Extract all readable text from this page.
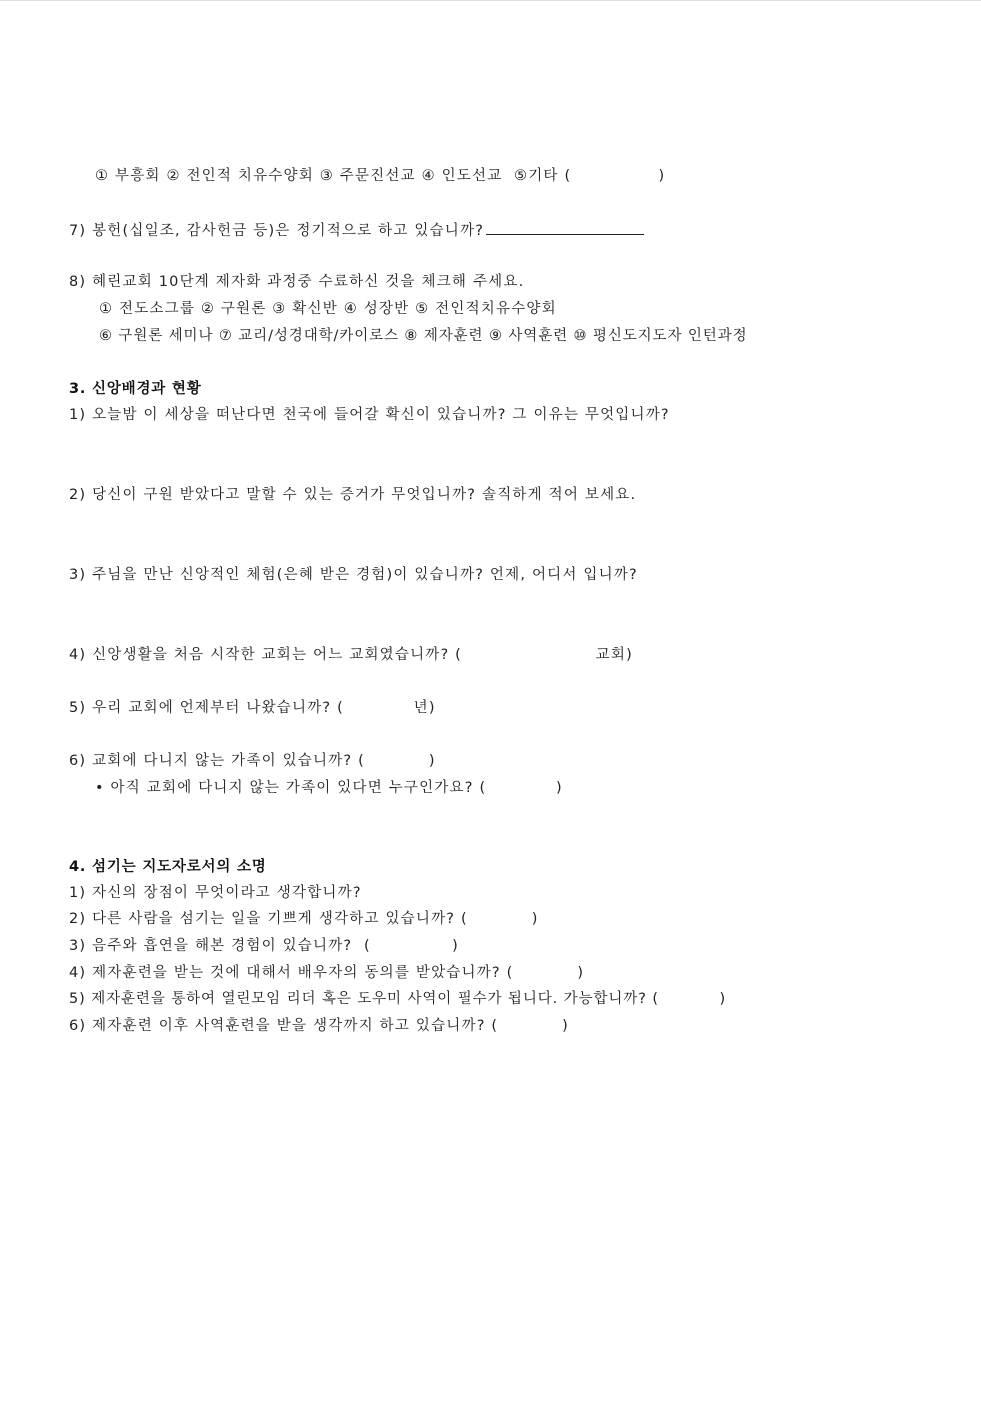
① 부흥회 ② 전인적 치유수양회 ③ 주문진선교 ④ 인도선교  ⑤기타 (               )
7) 봉헌(십일조, 감사헌금 등)은 정기적으로 하고 있습니까?
8) 혜린교회 10단계 제자화 과정중 수료하신 것을 체크해 주세요.
① 전도소그룹 ② 구원론 ③ 확신반 ④ 성장반 ⑤ 전인적치유수양회
⑥ 구원론 세미나 ⑦ 교리/성경대학/카이로스 ⑧ 제자훈련 ⑨ 사역훈련 ⑩ 평신도지도자 인턴과정
3. 신앙배경과 현황
1) 오늘밤 이 세상을 떠난다면 천국에 들어갈 확신이 있습니까? 그 이유는 무엇입니까?
2) 당신이 구원 받았다고 말할 수 있는 증거가 무엇입니까? 솔직하게 적어 보세요.
3) 주님을 만난 신앙적인 체험(은혜 받은 경험)이 있습니까? 언제, 어디서 입니까?
4) 신앙생활을 처음 시작한 교회는 어느 교회였습니까? (                       교회)
5) 우리 교회에 언제부터 나왔습니까? (            년)
6) 교회에 다니지 않는 가족이 있습니까? (           )
• 아직 교회에 다니지 않는 가족이 있다면 누구인가요? (            )
4. 섬기는 지도자로서의 소명
1) 자신의 장점이 무엇이라고 생각합니까?
2) 다른 사람을 섬기는 일을 기쁘게 생각하고 있습니까? (           )
3) 음주와 흡연을 해본 경험이 있습니까?  (              )
4) 제자훈련을 받는 것에 대해서 배우자의 동의를 받았습니까? (           )
5) 제자훈련을 통하여 열린모임 리더 혹은 도우미 사역이 필수가 됩니다. 가능합니까? (           )
6) 제자훈련 이후 사역훈련을 받을 생각까지 하고 있습니까? (           )
